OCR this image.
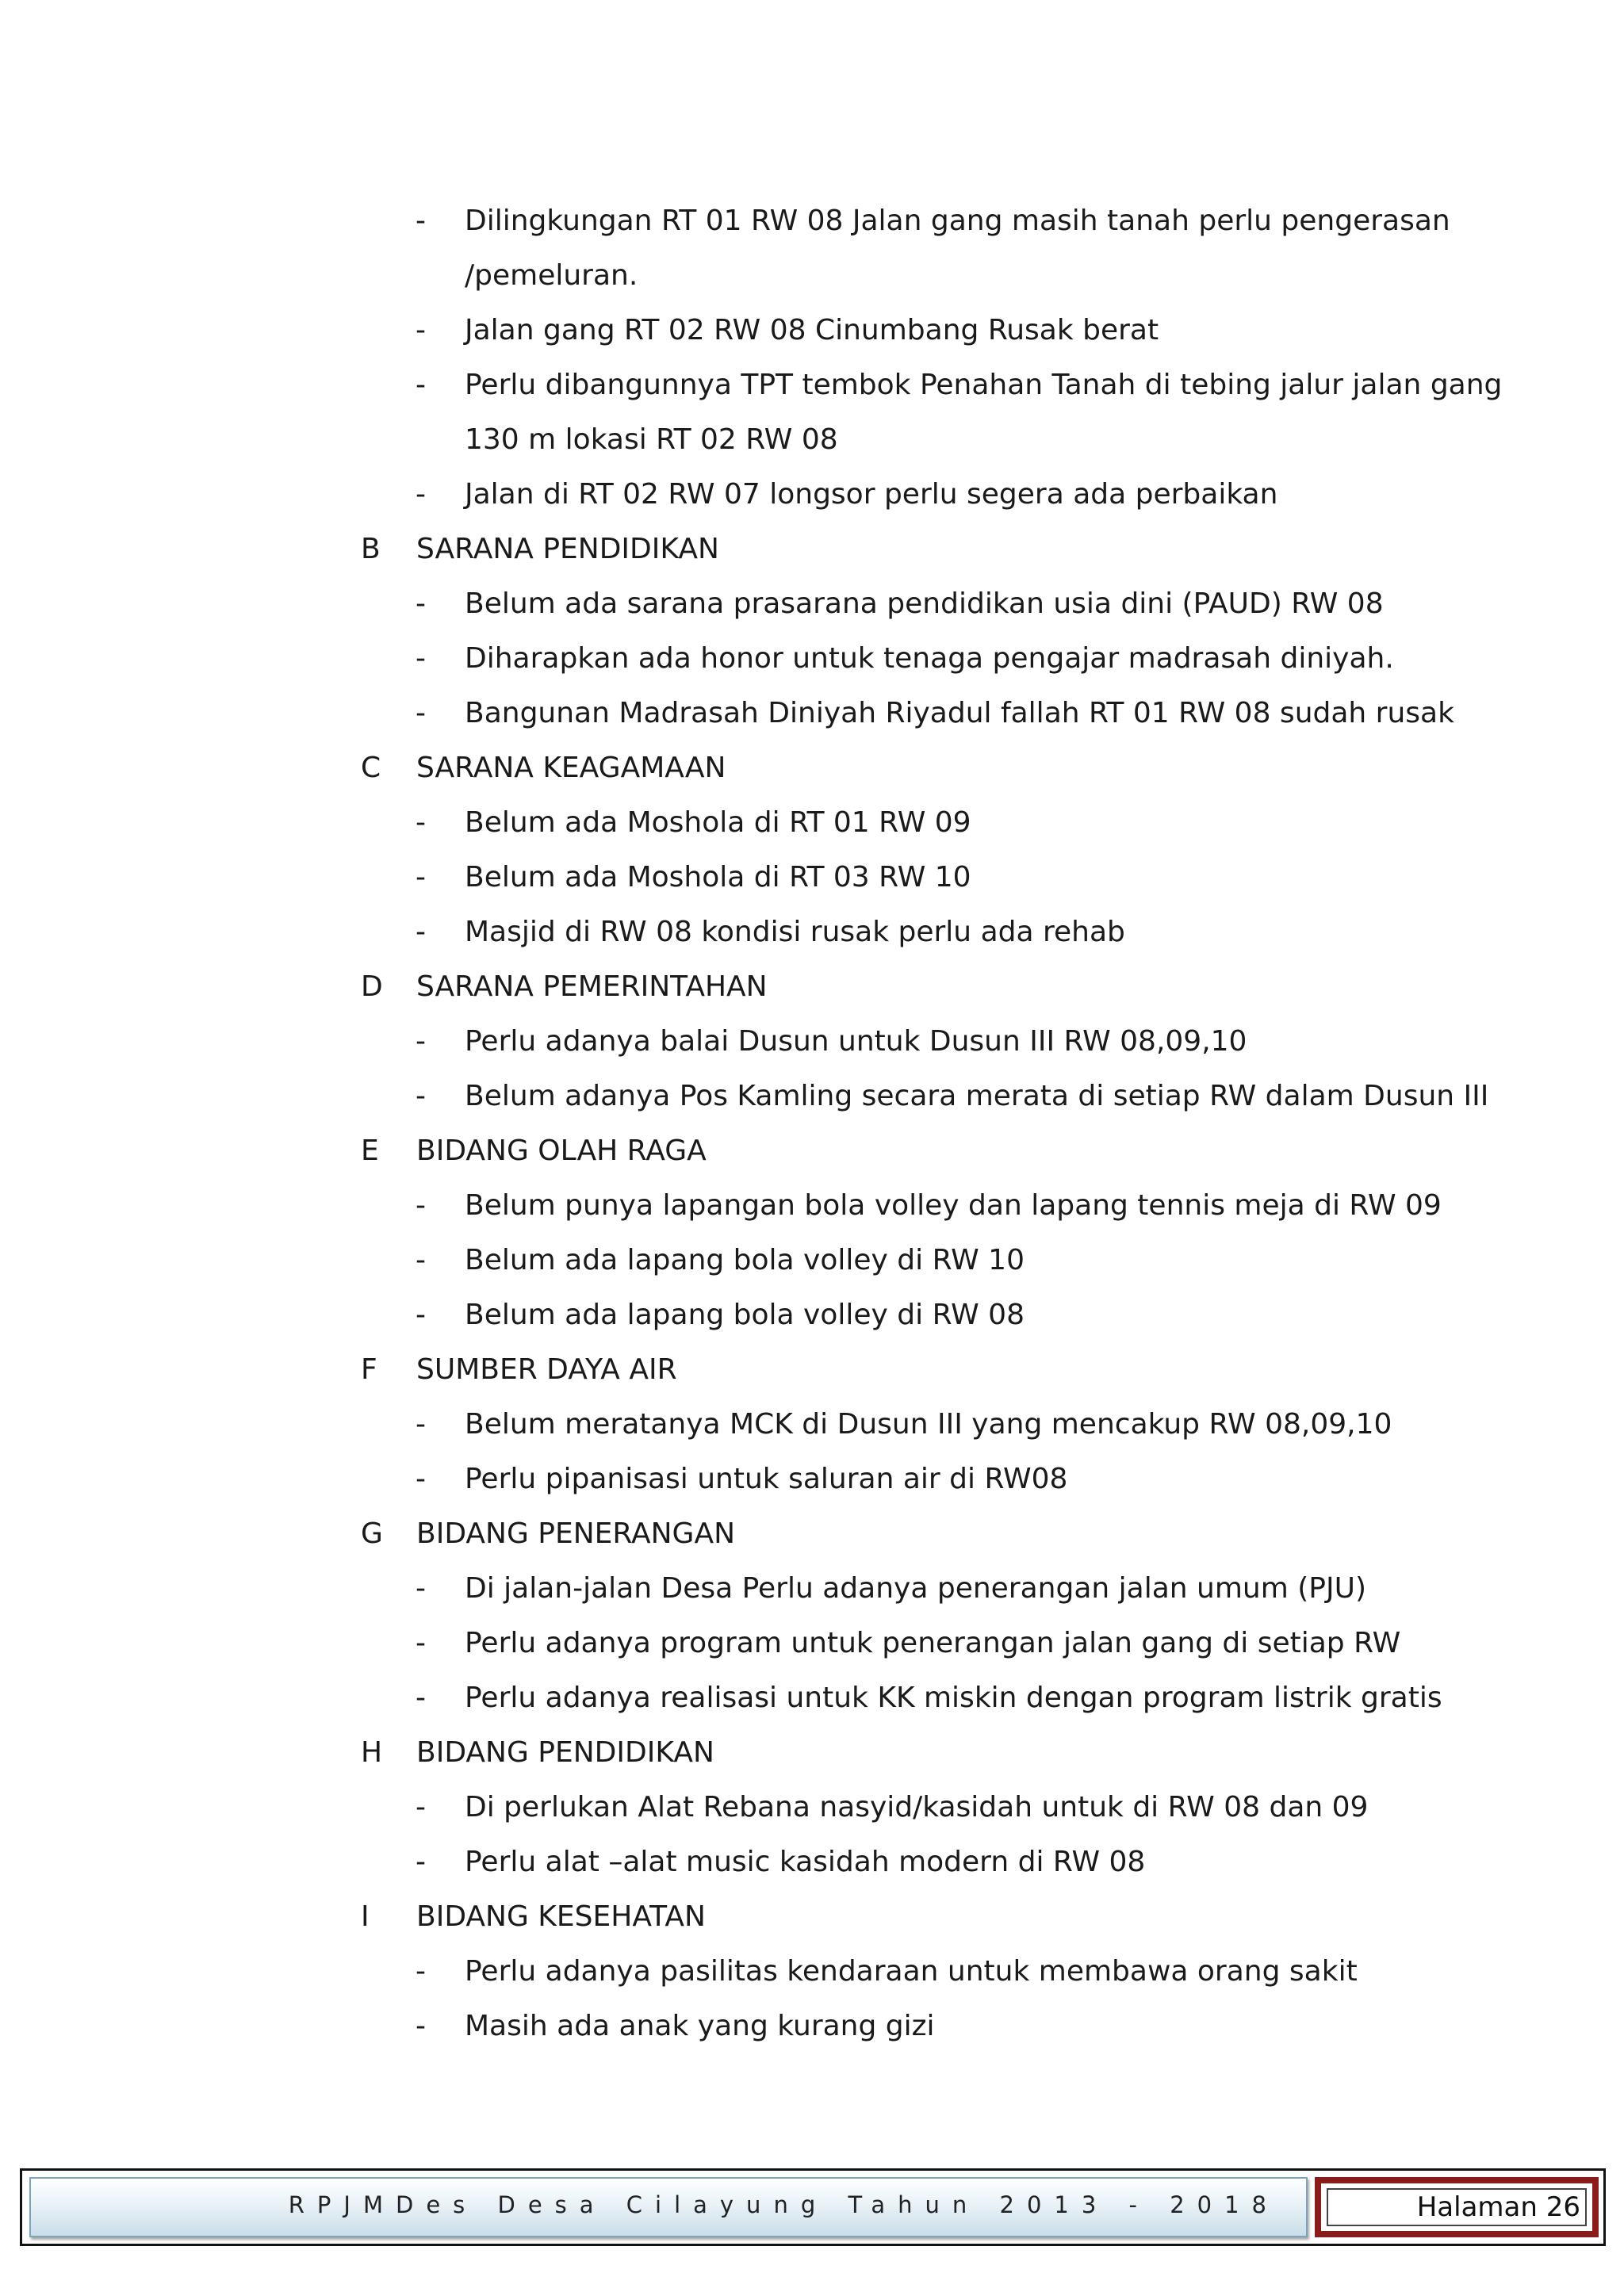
- Dilingkungan RT 01 RW 08 Jalan gang masih tanah perlu pengerasan
/pemeluran.
- Jalan gang RT 02 RW 08 Cinumbang Rusak berat
- Perlu dibangunnya TPT tembok Penahan Tanah di tebing jalur jalan gang
130 m lokasi RT 02 RW 08
- Jalan di RT 02 RW 07 longsor perlu segera ada perbaikan
B SARANA PENDIDIKAN
- Belum ada sarana prasarana pendidikan usia dini (PAUD) RW 08
- Diharapkan ada honor untuk tenaga pengajar madrasah diniyah.
- Bangunan Madrasah Diniyah Riyadul fallah RT 01 RW 08 sudah rusak
C SARANA KEAGAMAAN
- Belum ada Moshola di RT 01 RW 09
- Belum ada Moshola di RT 03 RW 10
- Masjid di RW 08 kondisi rusak perlu ada rehab
D SARANA PEMERINTAHAN
- Perlu adanya balai Dusun untuk Dusun III RW 08,09,10
- Belum adanya Pos Kamling secara merata di setiap RW dalam Dusun III
E BIDANG OLAH RAGA
- Belum punya lapangan bola volley dan lapang tennis meja di RW 09
- Belum ada lapang bola volley di RW 10
- Belum ada lapang bola volley di RW 08
F SUMBER DAYA AIR
- Belum meratanya MCK di Dusun III yang mencakup RW 08,09,10
- Perlu pipanisasi untuk saluran air di RW08
G BIDANG PENERANGAN
- Di jalan-jalan Desa Perlu adanya penerangan jalan umum (PJU)
- Perlu adanya program untuk penerangan jalan gang di setiap RW
- Perlu adanya realisasi untuk KK miskin dengan program listrik gratis
H BIDANG PENDIDIKAN
- Di perlukan Alat Rebana nasyid/kasidah untuk di RW 08 dan 09
- Perlu alat –alat music kasidah modern di RW 08
I BIDANG KESEHATAN
- Perlu adanya pasilitas kendaraan untuk membawa orang sakit
- Masih ada anak yang kurang gizi
RPJMDes Desa Cilayung Tahun 2013 - 2018	Halaman 26
